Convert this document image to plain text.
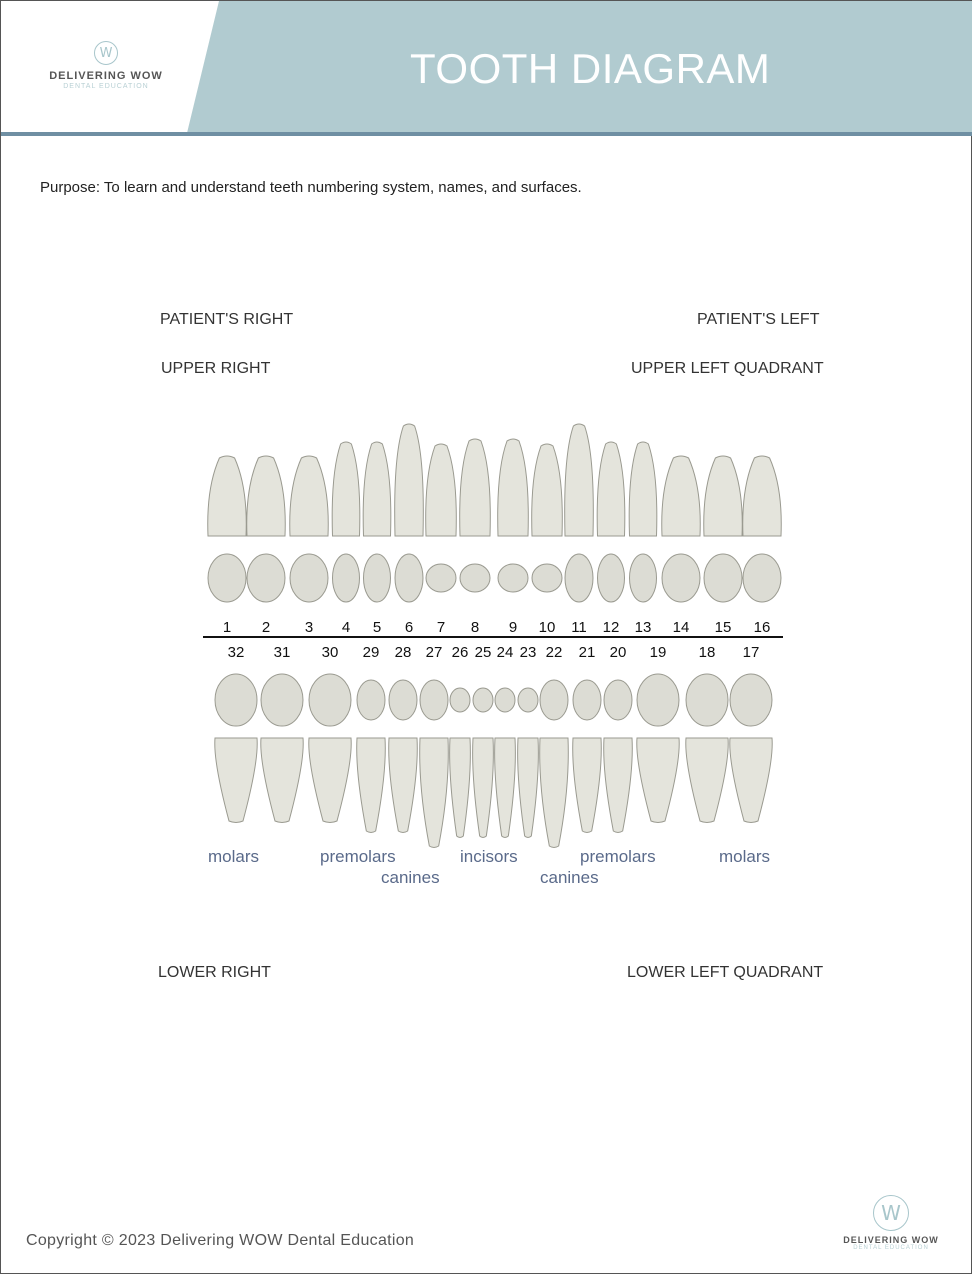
W
DELIVERING WOW
DENTAL EDUCATION	TOOTH DIAGRAM
Purpose: To learn and understand teeth numbering system, names, and surfaces.
PATIENT'S RIGHT	PATIENT'S LEFT
UPPER RIGHT	UPPER LEFT QUADRANT
LOWER RIGHT	LOWER LEFT QUADRANT
1 2 3 4 5 6 7 8 9 10 11 12 13 14 15 16
32 31 30 29 28 27 26 25 24 23 22 21 20 19 18 17
molars	premolars
canines
incisors
canines
premolars	molars
Copyright © 2023 Delivering WOW Dental Education
W
DELIVERING WOW
DENTAL EDUCATION
